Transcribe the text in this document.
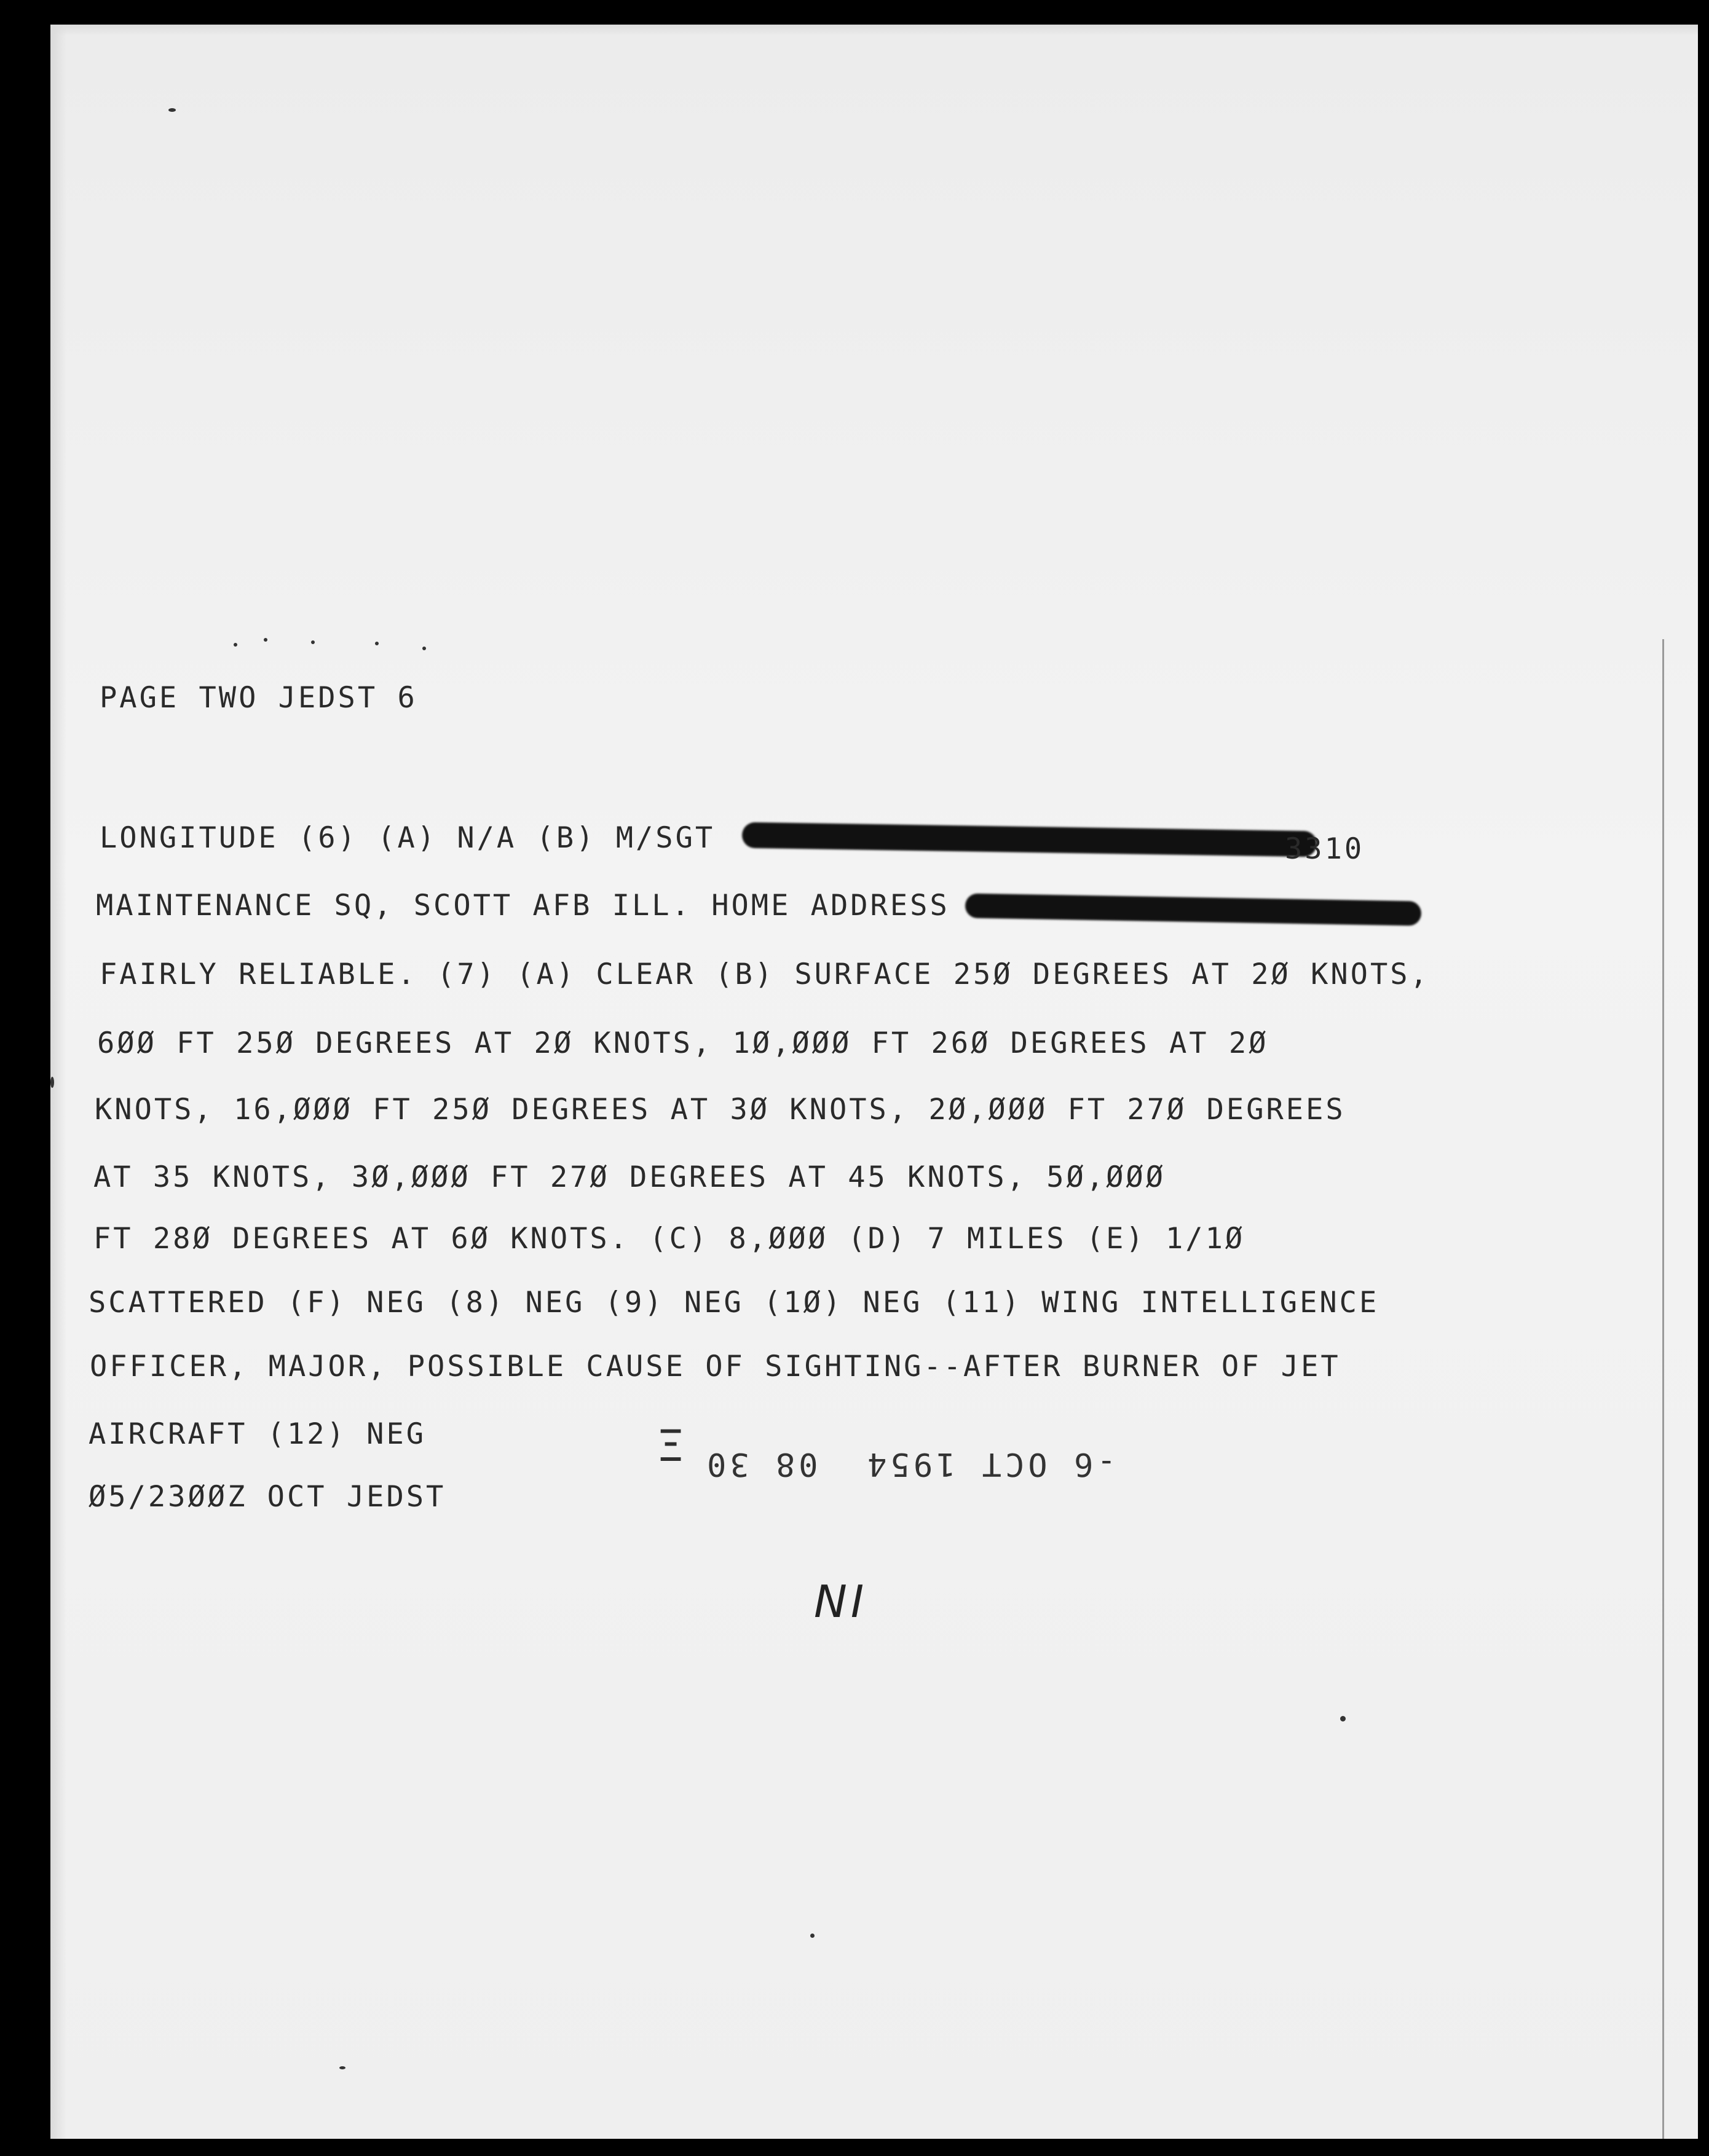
PAGE TWO JEDST 6
LONGITUDE (6) (A) N/A (B) M/SGT	3310
MAINTENANCE SQ, SCOTT AFB ILL. HOME ADDRESS
FAIRLY RELIABLE. (7) (A) CLEAR (B) SURFACE 25Ø DEGREES AT 2Ø KNOTS,
6ØØ FT 25Ø DEGREES AT 2Ø KNOTS, 1Ø,ØØØ FT 26Ø DEGREES AT 2Ø
KNOTS, 16,ØØØ FT 25Ø DEGREES AT 3Ø KNOTS, 2Ø,ØØØ FT 27Ø DEGREES
AT 35 KNOTS, 3Ø,ØØØ FT 27Ø DEGREES AT 45 KNOTS, 5Ø,ØØØ
FT 28Ø DEGREES AT 6Ø KNOTS. (C) 8,ØØØ (D) 7 MILES (E) 1/1Ø
SCATTERED (F) NEG (8) NEG (9) NEG (1Ø) NEG (11) WING INTELLIGENCE
OFFICER, MAJOR, POSSIBLE CAUSE OF SIGHTING--AFTER BURNER OF JET
AIRCRAFT (12) NEG
Ø5/23ØØZ OCT JEDST
Ξ -6 OCT 1954  08 30
NI
